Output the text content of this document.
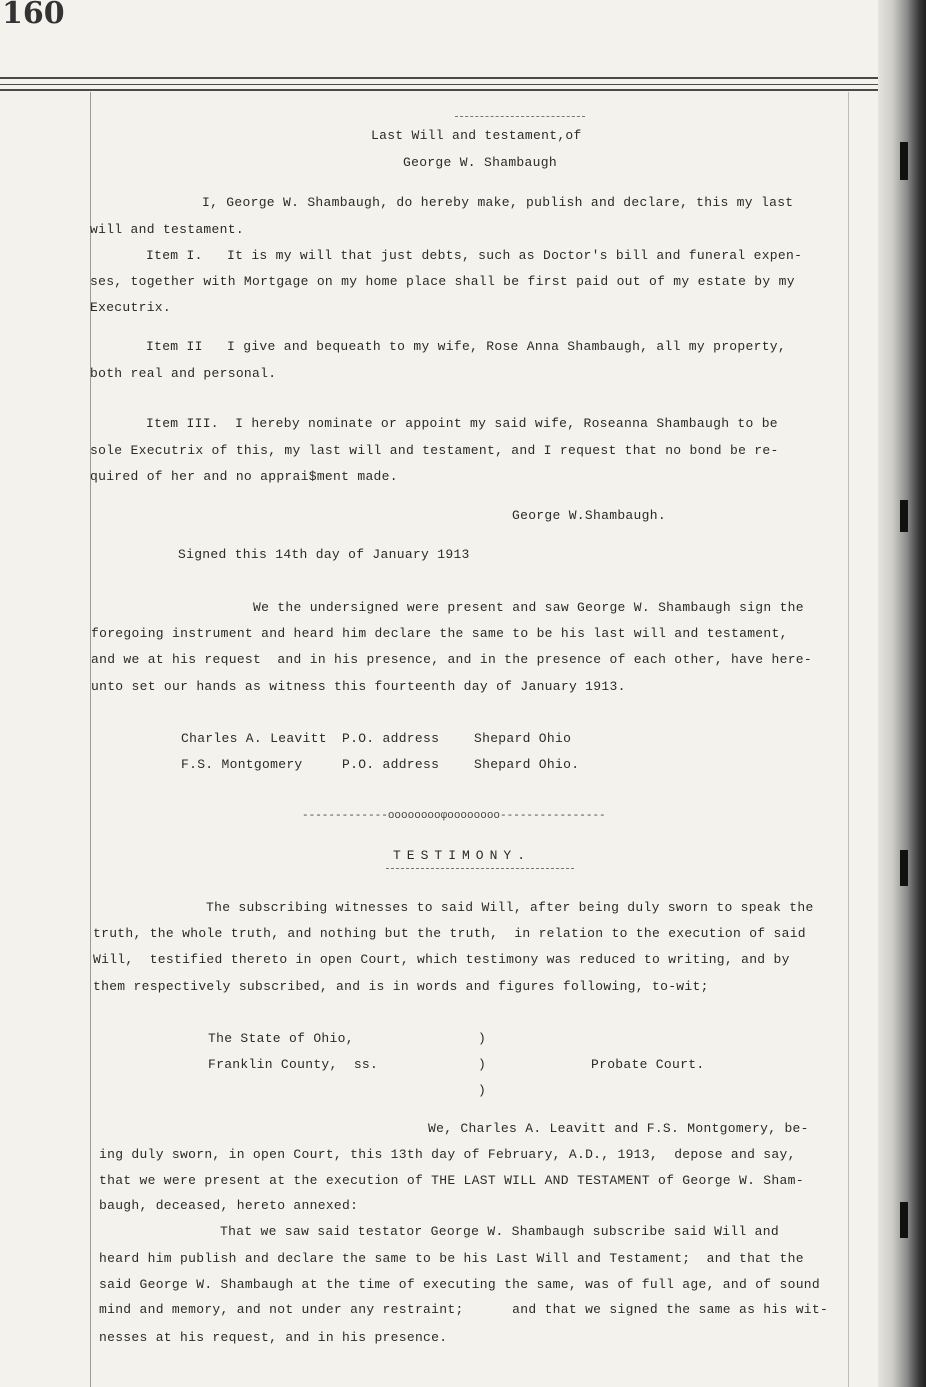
160
Last Will and testament,of
George W. Shambaugh
I, George W. Shambaugh, do hereby make, publish and declare, this my last
will and testament.
Item I.   It is my will that just debts, such as Doctor's bill and funeral expen-
ses, together with Mortgage on my home place shall be first paid out of my estate by my
Executrix.
Item II   I give and bequeath to my wife, Rose Anna Shambaugh, all my property,
both real and personal.
Item III.  I hereby nominate or appoint my said wife, Roseanna Shambaugh to be
sole Executrix of this, my last will and testament, and I request that no bond be re-
quired of her and no apprai$ment made.
George W.Shambaugh.
Signed this 14th day of January 1913
We the undersigned were present and saw George W. Shambaugh sign the
foregoing instrument and heard him declare the same to be his last will and testament,
and we at his request  and in his presence, and in the presence of each other, have here-
unto set our hands as witness this fourteenth day of January 1913.
Charles A. Leavitt P.O. address	Shepard Ohio
F.S. Montgomery	P.O. address	Shepard Ohio.
-------------ooooooooφoooooooo----------------
TESTIMONY.
The subscribing witnesses to said Will, after being duly sworn to speak the
truth, the whole truth, and nothing but the truth,  in relation to the execution of said
Will,  testified thereto in open Court, which testimony was reduced to writing, and by
them respectively subscribed, and is in words and figures following, to-wit;
The State of Ohio,	)
Franklin County,  ss.	)	Probate Court.
)
We, Charles A. Leavitt and F.S. Montgomery, be-
ing duly sworn, in open Court, this 13th day of February, A.D., 1913,  depose and say,
that we were present at the execution of THE LAST WILL AND TESTAMENT of George W. Sham-
baugh, deceased, hereto annexed:
That we saw said testator George W. Shambaugh subscribe said Will and
heard him publish and declare the same to be his Last Will and Testament;  and that the
said George W. Shambaugh at the time of executing the same, was of full age, and of sound
mind and memory, and not under any restraint;      and that we signed the same as his wit-
nesses at his request, and in his presence.
